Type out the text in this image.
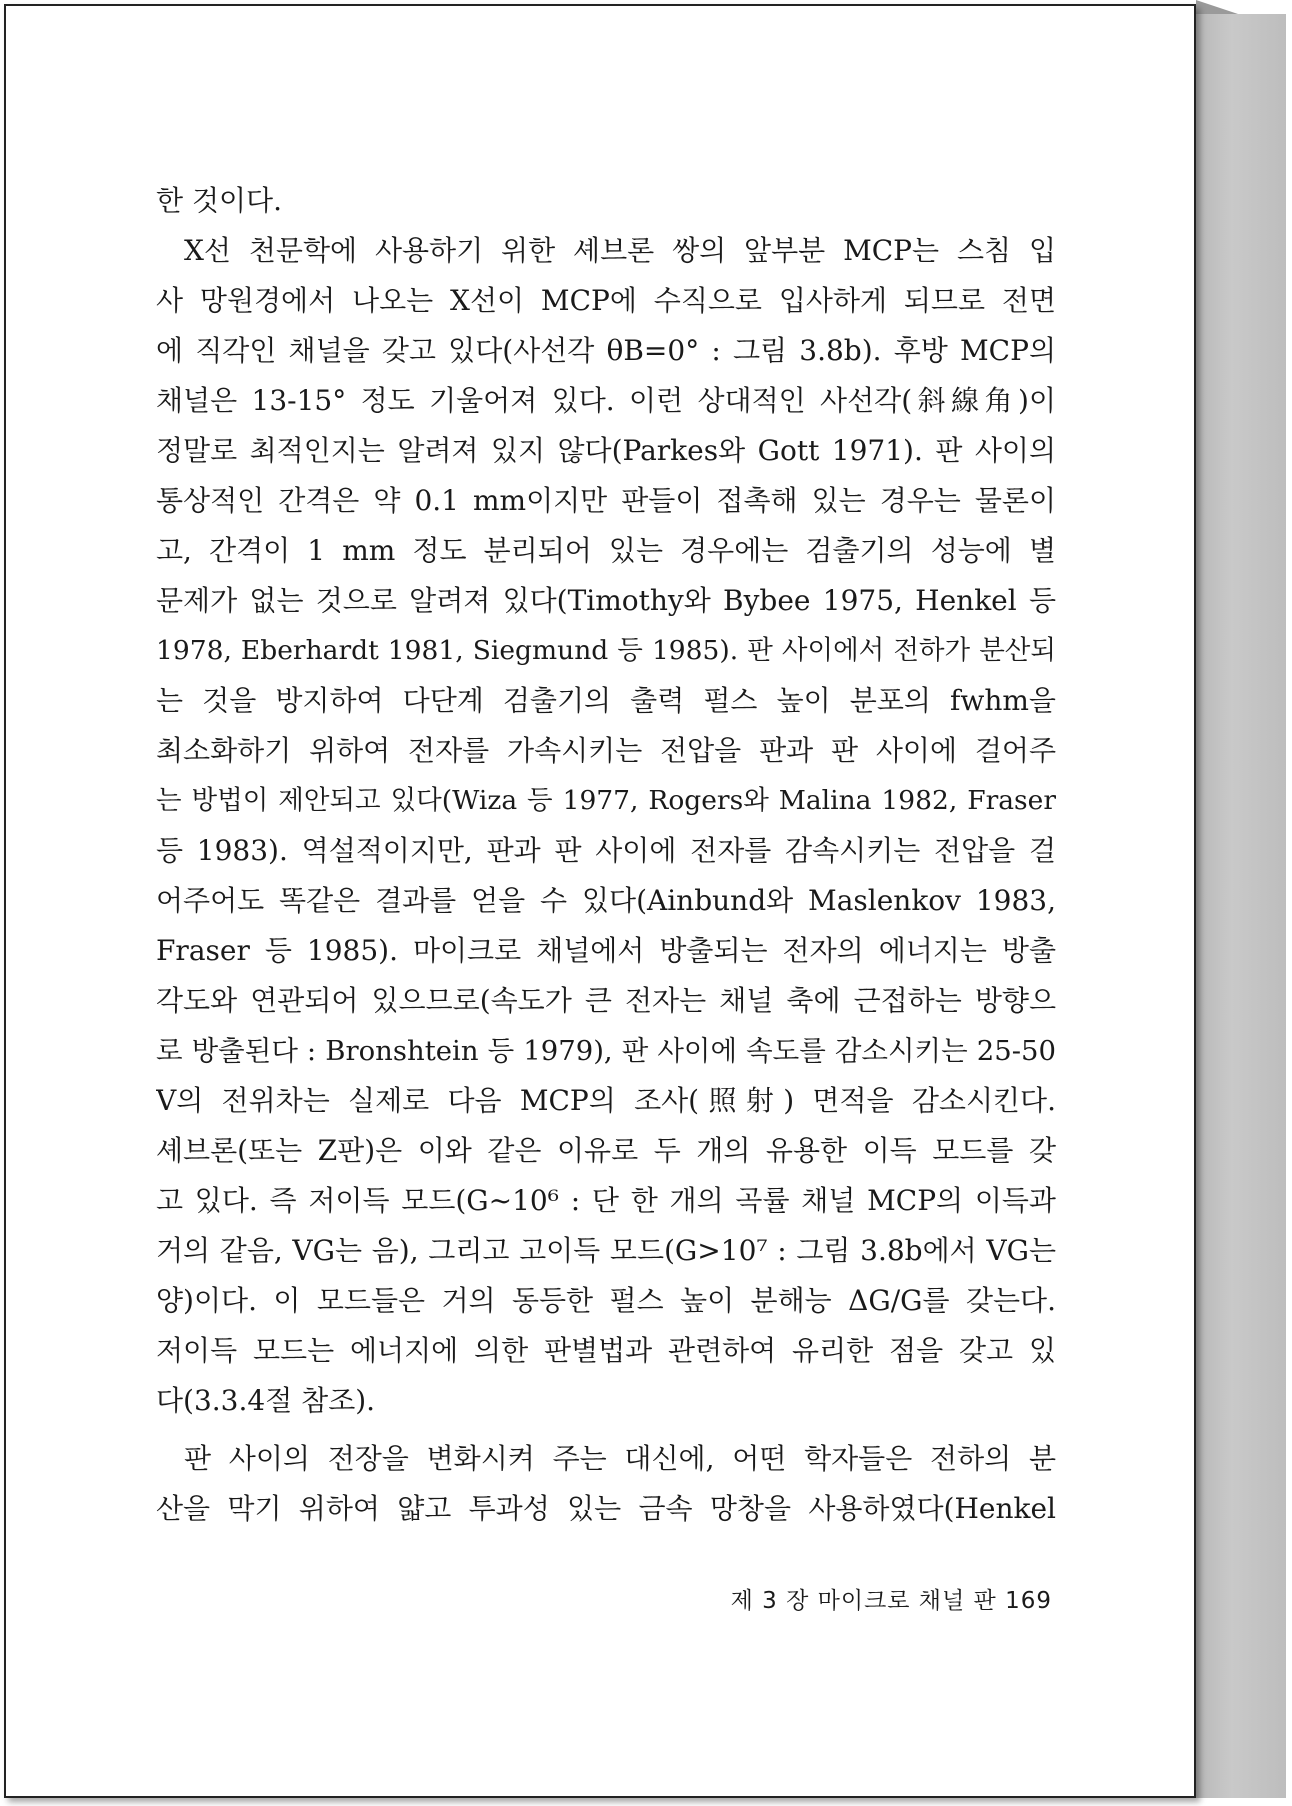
한 것이다.
X선 천문학에 사용하기 위한 셰브론 쌍의 앞부분 MCP는 스침 입
사 망원경에서 나오는 X선이 MCP에 수직으로 입사하게 되므로 전면
에 직각인 채널을 갖고 있다(사선각 θB=0° : 그림 3.8b). 후방 MCP의
채널은 13-15° 정도 기울어져 있다. 이런 상대적인 사선각(斜線角)이
정말로 최적인지는 알려져 있지 않다(Parkes와 Gott 1971). 판 사이의
통상적인 간격은 약 0.1 mm이지만 판들이 접촉해 있는 경우는 물론이
고, 간격이 1 mm 정도 분리되어 있는 경우에는 검출기의 성능에 별
문제가 없는 것으로 알려져 있다(Timothy와 Bybee 1975, Henkel 등
1978, Eberhardt 1981, Siegmund 등 1985). 판 사이에서 전하가 분산되
는 것을 방지하여 다단계 검출기의 출력 펄스 높이 분포의 fwhm을
최소화하기 위하여 전자를 가속시키는 전압을 판과 판 사이에 걸어주
는 방법이 제안되고 있다(Wiza 등 1977, Rogers와 Malina 1982, Fraser
등 1983). 역설적이지만, 판과 판 사이에 전자를 감속시키는 전압을 걸
어주어도 똑같은 결과를 얻을 수 있다(Ainbund와 Maslenkov 1983,
Fraser 등 1985). 마이크로 채널에서 방출되는 전자의 에너지는 방출
각도와 연관되어 있으므로(속도가 큰 전자는 채널 축에 근접하는 방향으
로 방출된다 : Bronshtein 등 1979), 판 사이에 속도를 감소시키는 25-50
V의 전위차는 실제로 다음 MCP의 조사(照射) 면적을 감소시킨다.
셰브론(또는 Z판)은 이와 같은 이유로 두 개의 유용한 이득 모드를 갖
고 있다. 즉 저이득 모드(G~10⁶ : 단 한 개의 곡률 채널 MCP의 이득과
거의 같음, VG는 음), 그리고 고이득 모드(G>10⁷ : 그림 3.8b에서 VG는
양)이다. 이 모드들은 거의 동등한 펄스 높이 분해능 ΔG/G를 갖는다.
저이득 모드는 에너지에 의한 판별법과 관련하여 유리한 점을 갖고 있
다(3.3.4절 참조).
판 사이의 전장을 변화시켜 주는 대신에, 어떤 학자들은 전하의 분
산을 막기 위하여 얇고 투과성 있는 금속 망창을 사용하였다(Henkel
제 3 장 마이크로 채널 판 169
